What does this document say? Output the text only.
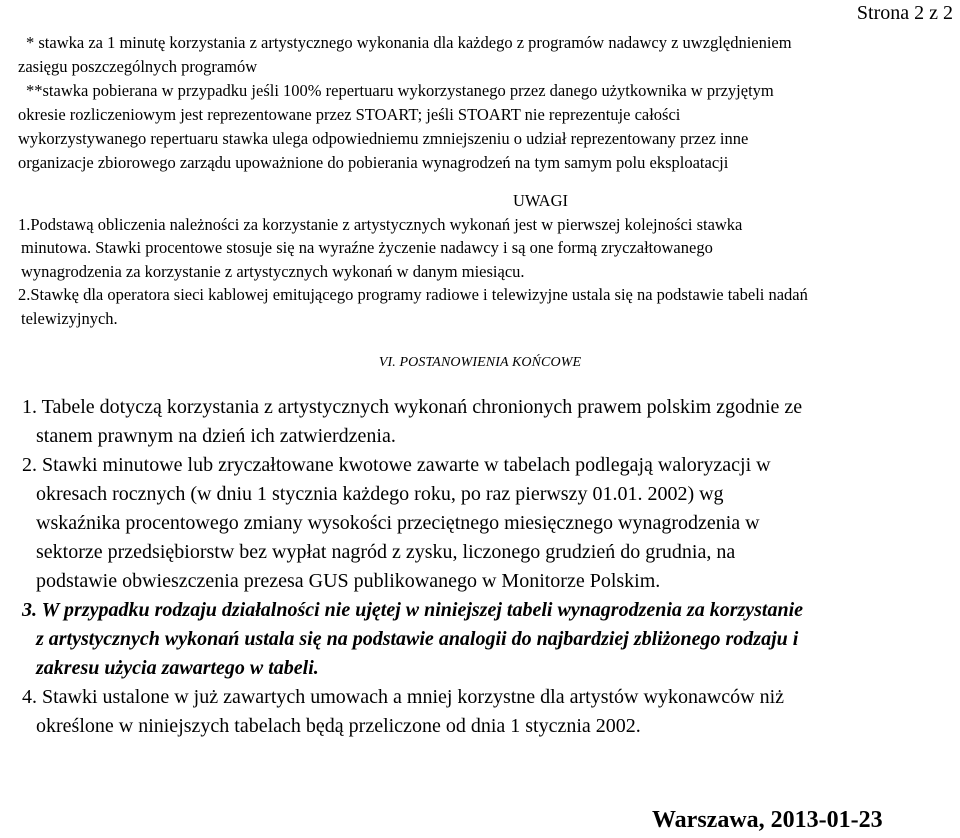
Strona 2 z 2
* stawka za 1 minutę korzystania z artystycznego wykonania dla każdego z programów nadawcy z uwzględnieniem
zasięgu poszczególnych programów
**stawka pobierana w przypadku jeśli 100% repertuaru wykorzystanego przez danego użytkownika w przyjętym
okresie rozliczeniowym jest reprezentowane przez STOART; jeśli STOART nie reprezentuje całości
wykorzystywanego repertuaru stawka ulega odpowiedniemu zmniejszeniu o udział reprezentowany przez inne
organizacje zbiorowego zarządu upoważnione do pobierania wynagrodzeń na tym samym polu eksploatacji
UWAGI
1.Podstawą obliczenia należności za korzystanie z artystycznych wykonań jest w pierwszej kolejności stawka
minutowa. Stawki procentowe stosuje się na wyraźne życzenie nadawcy i są one formą zryczałtowanego
wynagrodzenia za korzystanie z artystycznych wykonań w danym miesiącu.
2.Stawkę dla operatora sieci kablowej emitującego programy radiowe i telewizyjne ustala się na podstawie tabeli nadań
telewizyjnych.
VI. POSTANOWIENIA KOŃCOWE
1. Tabele dotyczą korzystania z artystycznych wykonań chronionych prawem polskim zgodnie ze
stanem prawnym na dzień ich zatwierdzenia.
2. Stawki minutowe lub zryczałtowane kwotowe zawarte w tabelach podlegają waloryzacji w
okresach rocznych (w dniu 1 stycznia każdego roku, po raz pierwszy 01.01. 2002) wg
wskaźnika procentowego zmiany wysokości przeciętnego miesięcznego wynagrodzenia w
sektorze przedsiębiorstw bez wypłat nagród z zysku, liczonego grudzień do grudnia, na
podstawie obwieszczenia prezesa GUS publikowanego w Monitorze Polskim.
3. W przypadku rodzaju działalności nie ujętej w niniejszej tabeli wynagrodzenia za korzystanie
z artystycznych wykonań ustala się na podstawie analogii do najbardziej zbliżonego rodzaju i
zakresu użycia zawartego w tabeli.
4. Stawki ustalone w już zawartych umowach a mniej korzystne dla artystów wykonawców niż
określone w niniejszych tabelach będą przeliczone od dnia 1 stycznia 2002.
Warszawa, 2013-01-23
